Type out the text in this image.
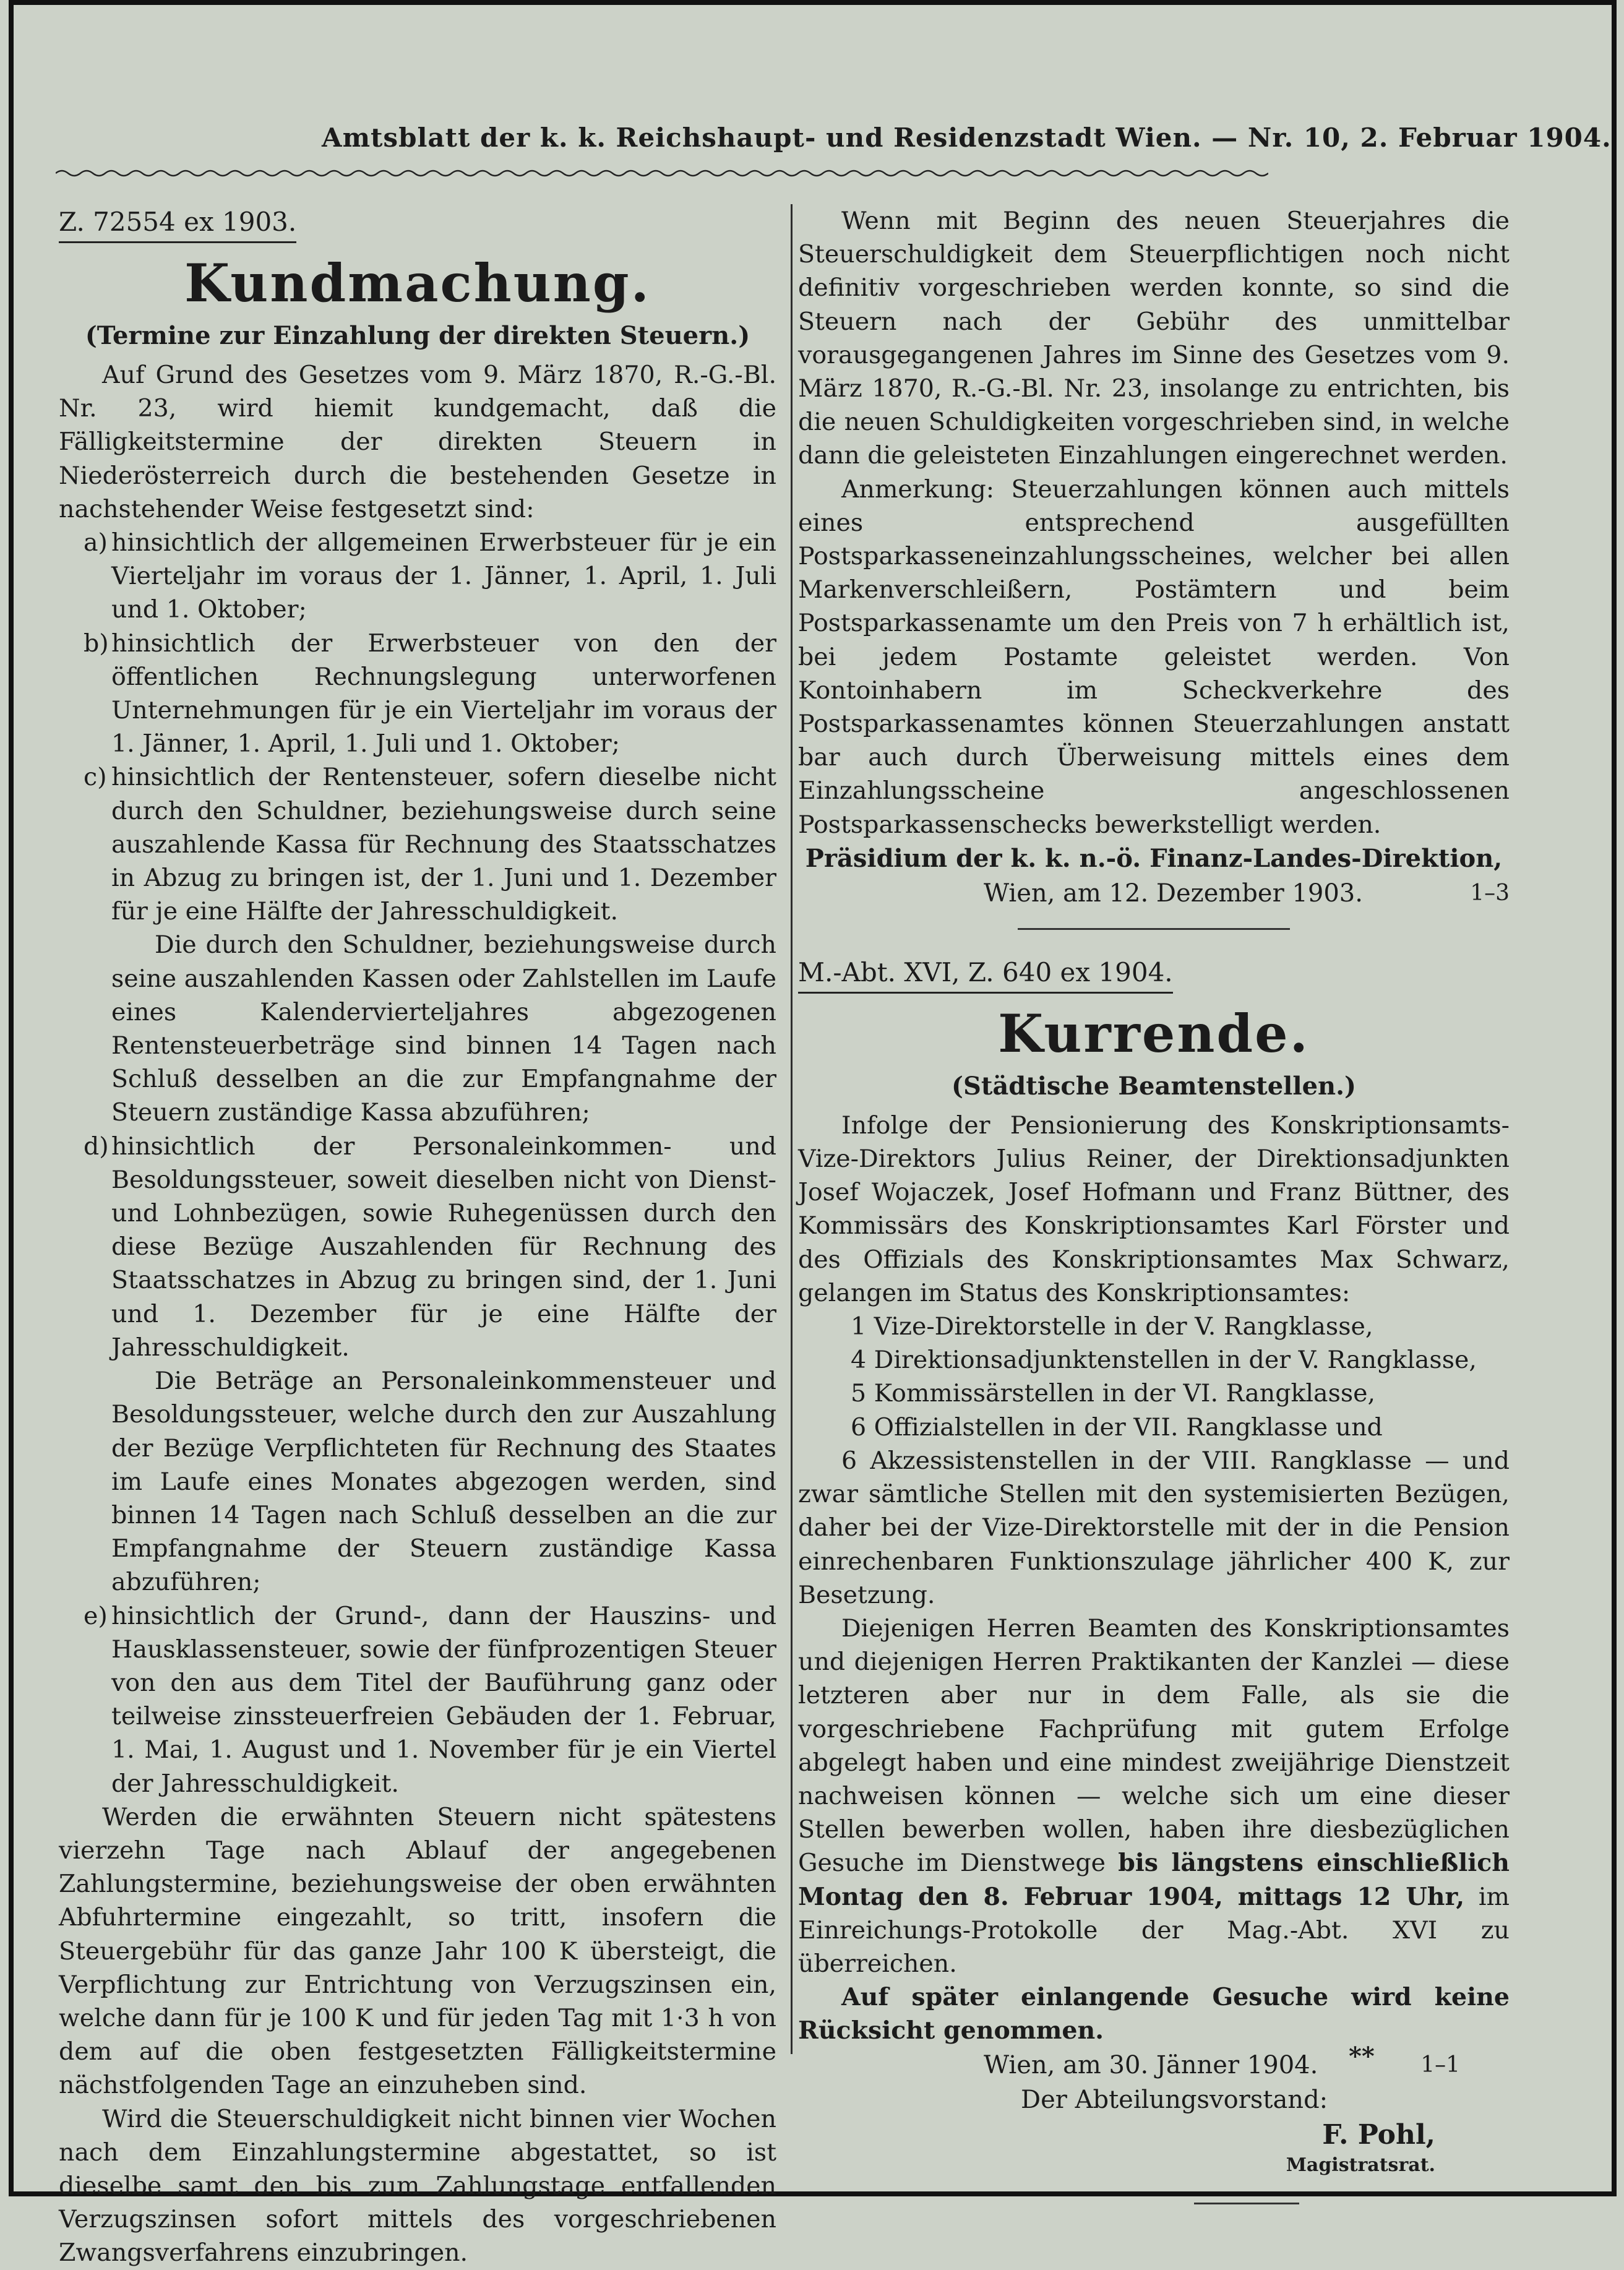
Amtsblatt der k. k. Reichshaupt- und Residenzstadt Wien. — Nr. 10, 2. Februar 1904.

Z. 72554 ex 1903.

Kundmachung.
(Termine zur Einzahlung der direkten Steuern.)

Auf Grund des Gesetzes vom 9. März 1870, R.-G.-Bl. Nr. 23, wird hiemit kundgemacht, daß die Fälligkeitstermine der direkten Steuern in Niederösterreich durch die bestehenden Gesetze in nachstehender Weise festgesetzt sind:

a) hinsichtlich der allgemeinen Erwerbsteuer für je ein Vierteljahr im voraus der 1. Jänner, 1. April, 1. Juli und 1. Oktober;
b) hinsichtlich der Erwerbsteuer von den der öffentlichen Rechnungslegung unterworfenen Unternehmungen für je ein Vierteljahr im voraus der 1. Jänner, 1. April, 1. Juli und 1. Oktober;
c) hinsichtlich der Rentensteuer, sofern dieselbe nicht durch den Schuldner, beziehungsweise durch seine auszahlende Kassa für Rechnung des Staatsschatzes in Abzug zu bringen ist, der 1. Juni und 1. Dezember für je eine Hälfte der Jahresschuldigkeit.

Die durch den Schuldner, beziehungsweise durch seine auszahlenden Kassen oder Zahlstellen im Laufe eines Kalendervierteljahres abgezogenen Rentensteuerbeträge sind binnen 14 Tagen nach Schluß desselben an die zur Empfangnahme der Steuern zuständige Kassa abzuführen;

d) hinsichtlich der Personaleinkommen- und Besoldungssteuer, soweit dieselben nicht von Dienst- und Lohnbezügen, sowie Ruhegenüssen durch den diese Bezüge Auszahlenden für Rechnung des Staatsschatzes in Abzug zu bringen sind, der 1. Juni und 1. Dezember für je eine Hälfte der Jahresschuldigkeit.

Die Beträge an Personaleinkommensteuer und Besoldungssteuer, welche durch den zur Auszahlung der Bezüge Verpflichteten für Rechnung des Staates im Laufe eines Monates abgezogen werden, sind binnen 14 Tagen nach Schluß desselben an die zur Empfangnahme der Steuern zuständige Kassa abzuführen;

e) hinsichtlich der Grund-, dann der Hauszins- und Hausklassensteuer, sowie der fünfprozentigen Steuer von den aus dem Titel der Bauführung ganz oder teilweise zinssteuerfreien Gebäuden der 1. Februar, 1. Mai, 1. August und 1. November für je ein Viertel der Jahresschuldigkeit.

Werden die erwähnten Steuern nicht spätestens vierzehn Tage nach Ablauf der angegebenen Zahlungstermine, beziehungsweise der oben erwähnten Abfuhrtermine eingezahlt, so tritt, insofern die Steuergebühr für das ganze Jahr 100 K übersteigt, die Verpflichtung zur Entrichtung von Verzugszinsen ein, welche dann für je 100 K und für jeden Tag mit 1·3 h von dem auf die oben festgesetzten Fälligkeitstermine nächstfolgenden Tage an einzuheben sind.

Wird die Steuerschuldigkeit nicht binnen vier Wochen nach dem Einzahlungstermine abgestattet, so ist dieselbe samt den bis zum Zahlungstage entfallenden Verzugszinsen sofort mittels des vorgeschriebenen Zwangsverfahrens einzubringen.

Wenn mit Beginn des neuen Steuerjahres die Steuerschuldigkeit dem Steuerpflichtigen noch nicht definitiv vorgeschrieben werden konnte, so sind die Steuern nach der Gebühr des unmittelbar vorausgegangenen Jahres im Sinne des Gesetzes vom 9. März 1870, R.-G.-Bl. Nr. 23, insolange zu entrichten, bis die neuen Schuldigkeiten vorgeschrieben sind, in welche dann die geleisteten Einzahlungen eingerechnet werden.

Anmerkung: Steuerzahlungen können auch mittels eines entsprechend ausgefüllten Postsparkasseneinzahlungsscheines, welcher bei allen Markenverschleißern, Postämtern und beim Postsparkassenamte um den Preis von 7 h erhältlich ist, bei jedem Postamte geleistet werden. Von Kontoinhabern im Scheckverkehre des Postsparkassenamtes können Steuerzahlungen anstatt bar auch durch Überweisung mittels eines dem Einzahlungsscheine angeschlossenen Postsparkassenschecks bewerkstelligt werden.

Präsidium der k. k. n.-ö. Finanz-Landes-Direktion,
Wien, am 12. Dezember 1903.	1–3

M.-Abt. XVI, Z. 640 ex 1904.

Kurrende.
(Städtische Beamtenstellen.)

Infolge der Pensionierung des Konskriptionsamts-Vize-Direktors Julius Reiner, der Direktionsadjunkten Josef Wojaczek, Josef Hofmann und Franz Büttner, des Kommissärs des Konskriptionsamtes Karl Förster und des Offizials des Konskriptionsamtes Max Schwarz, gelangen im Status des Konskriptionsamtes:

1 Vize-Direktorstelle in der V. Rangklasse,
4 Direktionsadjunktenstellen in der V. Rangklasse,
5 Kommissärstellen in der VI. Rangklasse,
6 Offizialstellen in der VII. Rangklasse und

6 Akzessistenstellen in der VIII. Rangklasse — und zwar sämtliche Stellen mit den systemisierten Bezügen, daher bei der Vize-Direktorstelle mit der in die Pension einrechenbaren Funktionszulage jährlicher 400 K, zur Besetzung.

Diejenigen Herren Beamten des Konskriptionsamtes und diejenigen Herren Praktikanten der Kanzlei — diese letzteren aber nur in dem Falle, als sie die vorgeschriebene Fachprüfung mit gutem Erfolge abgelegt haben und eine mindest zweijährige Dienstzeit nachweisen können — welche sich um eine dieser Stellen bewerben wollen, haben ihre diesbezüglichen Gesuche im Dienstwege bis längstens einschließlich Montag den 8. Februar 1904, mittags 12 Uhr, im Einreichungs-Protokolle der Mag.-Abt. XVI zu überreichen.

Auf später einlangende Gesuche wird keine Rücksicht genommen.

Wien, am 30. Jänner 1904.	1–1
Der Abteilungsvorstand:
F. Pohl,
Magistratsrat.
**
